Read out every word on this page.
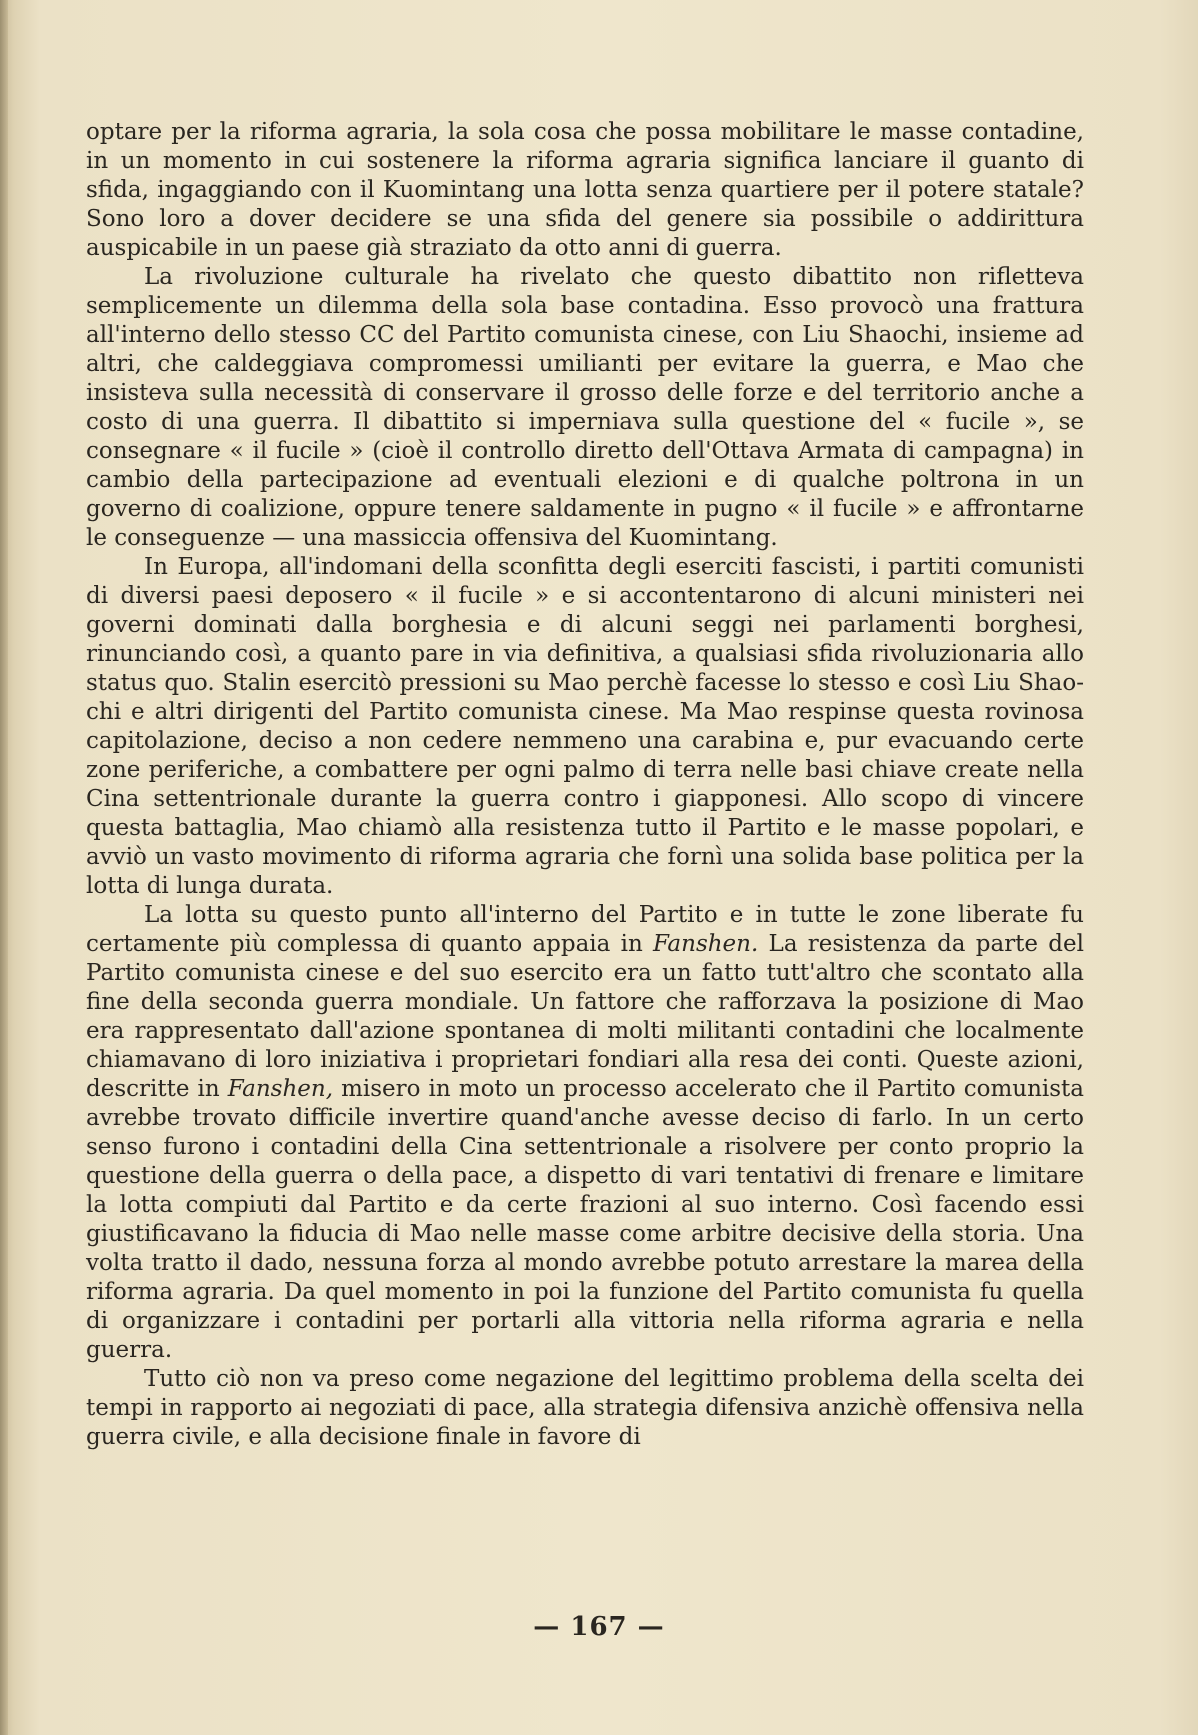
optare per la riforma agraria, la sola cosa che possa mobilitare le masse contadine, in un momento in cui sostenere la riforma agraria significa lanciare il guanto di sfida, ingaggiando con il Kuomintang una lotta senza quartiere per il potere statale? Sono loro a dover decidere se una sfida del genere sia possibile o addirittura auspicabile in un paese già straziato da otto anni di guerra.

La rivoluzione culturale ha rivelato che questo dibattito non rifletteva semplicemente un dilemma della sola base contadina. Esso provocò una frattura all'interno dello stesso CC del Partito comunista cinese, con Liu Shaochi, insieme ad altri, che caldeggiava compromessi umilianti per evitare la guerra, e Mao che insisteva sulla necessità di conservare il grosso delle forze e del territorio anche a costo di una guerra. Il dibattito si imperniava sulla questione del « fucile », se consegnare « il fucile » (cioè il controllo diretto dell'Ottava Armata di campagna) in cambio della partecipazione ad eventuali elezioni e di qualche poltrona in un governo di coalizione, oppure tenere saldamente in pugno « il fucile » e affrontarne le conseguenze — una massiccia offensiva del Kuomintang.

In Europa, all'indomani della sconfitta degli eserciti fascisti, i partiti comunisti di diversi paesi deposero « il fucile » e si accontentarono di alcuni ministeri nei governi dominati dalla borghesia e di alcuni seggi nei parlamenti borghesi, rinunciando così, a quanto pare in via definitiva, a qualsiasi sfida rivoluzionaria allo status quo. Stalin esercitò pressioni su Mao perchè facesse lo stesso e così Liu Shao-chi e altri dirigenti del Partito comunista cinese. Ma Mao respinse questa rovinosa capitolazione, deciso a non cedere nemmeno una carabina e, pur evacuando certe zone periferiche, a combattere per ogni palmo di terra nelle basi chiave create nella Cina settentrionale durante la guerra contro i giapponesi. Allo scopo di vincere questa battaglia, Mao chiamò alla resistenza tutto il Partito e le masse popolari, e avviò un vasto movimento di riforma agraria che fornì una solida base politica per la lotta di lunga durata.

La lotta su questo punto all'interno del Partito e in tutte le zone liberate fu certamente più complessa di quanto appaia in Fanshen. La resistenza da parte del Partito comunista cinese e del suo esercito era un fatto tutt'altro che scontato alla fine della seconda guerra mondiale. Un fattore che rafforzava la posizione di Mao era rappresentato dall'azione spontanea di molti militanti contadini che localmente chiamavano di loro iniziativa i proprietari fondiari alla resa dei conti. Queste azioni, descritte in Fanshen, misero in moto un processo accelerato che il Partito comunista avrebbe trovato difficile invertire quand'anche avesse deciso di farlo. In un certo senso furono i contadini della Cina settentrionale a risolvere per conto proprio la questione della guerra o della pace, a dispetto di vari tentativi di frenare e limitare la lotta compiuti dal Partito e da certe frazioni al suo interno. Così facendo essi giustificavano la fiducia di Mao nelle masse come arbitre decisive della storia. Una volta tratto il dado, nessuna forza al mondo avrebbe potuto arrestare la marea della riforma agraria. Da quel momento in poi la funzione del Partito comunista fu quella di organizzare i contadini per portarli alla vittoria nella riforma agraria e nella guerra.

Tutto ciò non va preso come negazione del legittimo problema della scelta dei tempi in rapporto ai negoziati di pace, alla strategia difensiva anzichè offensiva nella guerra civile, e alla decisione finale in favore di

— 167 —
